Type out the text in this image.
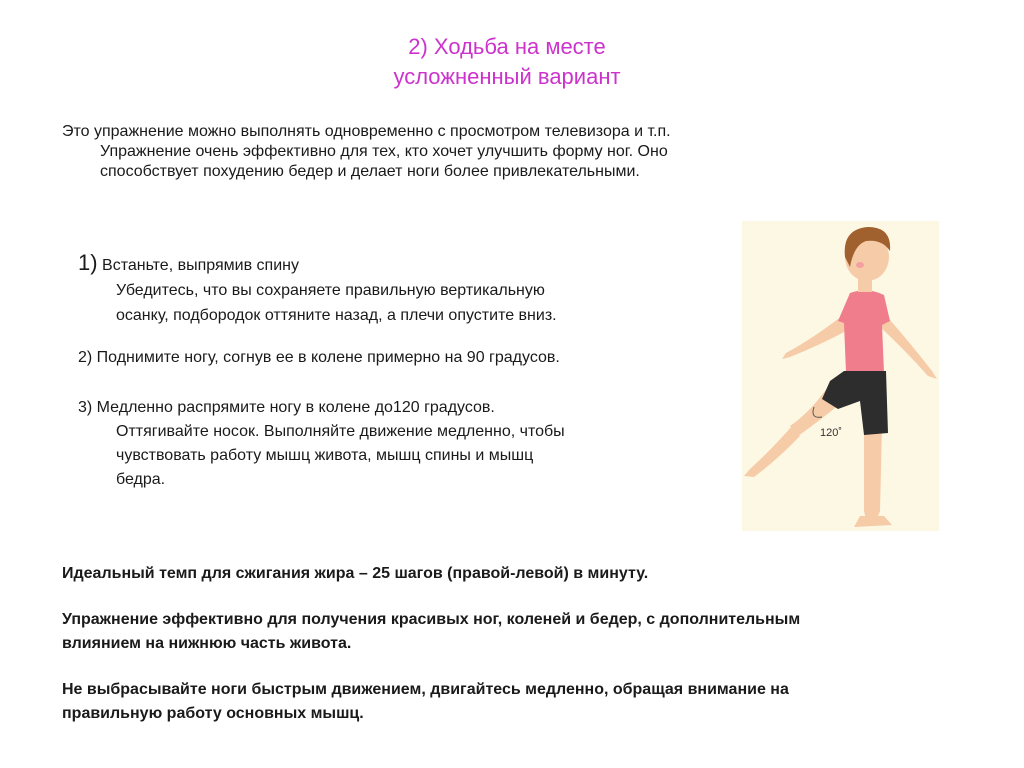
2) Ходьба на месте
усложненный вариант
Это упражнение можно выполнять одновременно с просмотром телевизора и т.п.
Упражнение очень эффективно для тех, кто хочет улучшить форму ног. Оно
способствует похудению бедер и делает ноги более привлекательными.
1) Встаньте, выпрямив спину
Убедитесь, что вы сохраняете правильную вертикальную
осанку, подбородок оттяните назад, а плечи опустите вниз.
2) Поднимите ногу, согнув ее в колене примерно на 90 градусов.
3) Медленно распрямите ногу в колене до120 градусов.
Оттягивайте носок. Выполняйте движение медленно, чтобы
чувствовать работу мышц живота, мышц спины и мышц
бедра.
120˚
Идеальный темп для сжигания жира – 25 шагов (правой-левой) в минуту.
Упражнение эффективно для получения красивых ног, коленей и бедер, с дополнительным
влиянием на нижнюю часть живота.
Не выбрасывайте ноги быстрым движением, двигайтесь медленно, обращая внимание на
правильную работу основных мышц.
